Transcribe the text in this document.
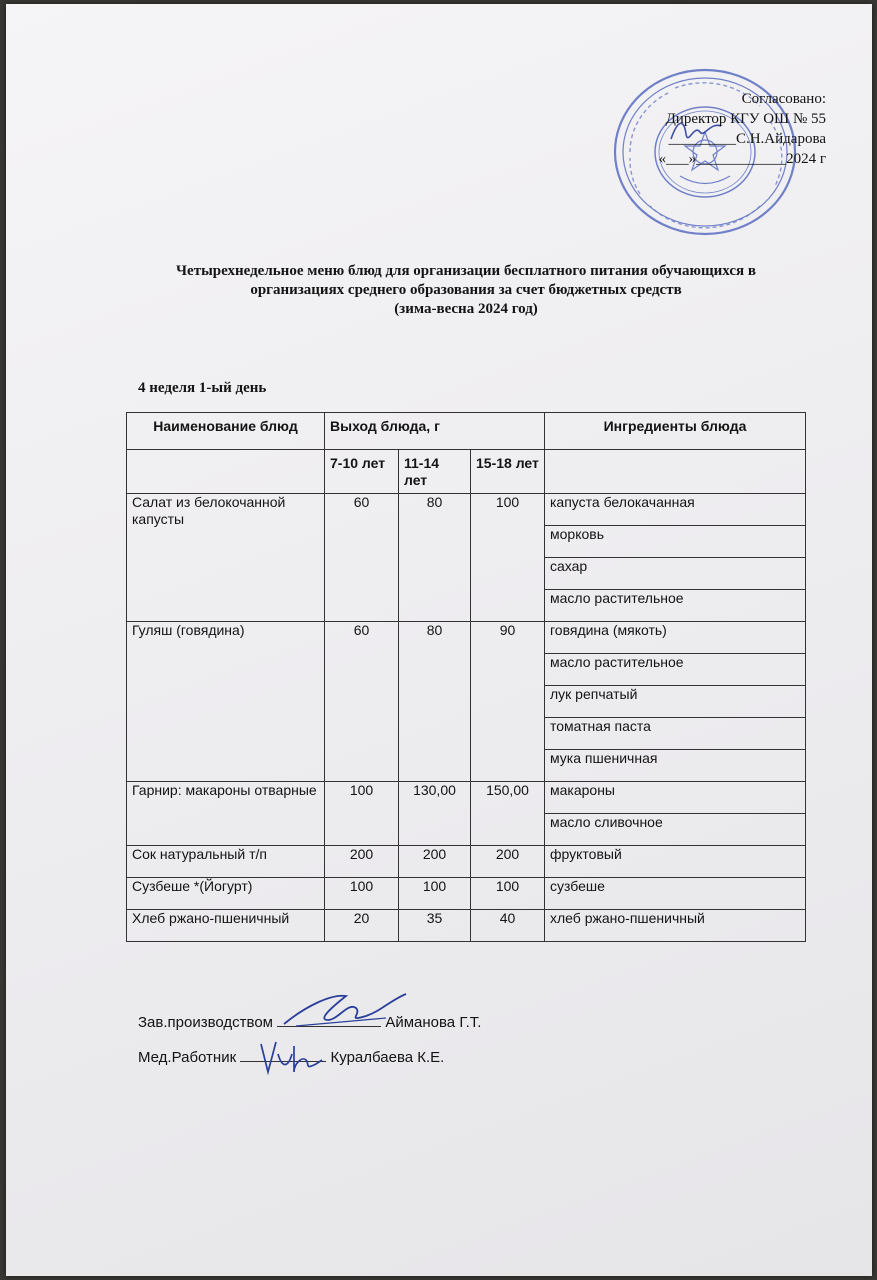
Согласовано:
Директор КГУ ОШ № 55
_________С.Н.Айдарова
«___»____________2024 г
Четырехнедельное меню блюд для организации бесплатного питания обучающихся в
организациях среднего образования за счет бюджетных средств
(зима-весна 2024 год)
4 неделя 1-ый день
Наименование блюд	Выход блюда, г			Ингредиенты блюда
	7-10 лет	11-14 лет	15-18 лет	
Салат из белокочанной капусты	60	80	100	капуста белокачанная
				морковь
				сахар
				масло растительное
Гуляш (говядина)	60	80	90	говядина (мякоть)
				масло растительное
				лук репчатый
				томатная паста
				мука пшеничная
Гарнир: макароны отварные	100	130,00	150,00	макароны
				масло сливочное
Сок натуральный т/п	200	200	200	фруктовый
Сузбеше *(Йогурт)	100	100	100	сузбеше
Хлеб ржано-пшеничный	20	35	40	хлеб ржано-пшеничный
Зав.производством	Айманова Г.Т.
Мед.Работник	Куралбаева К.Е.
